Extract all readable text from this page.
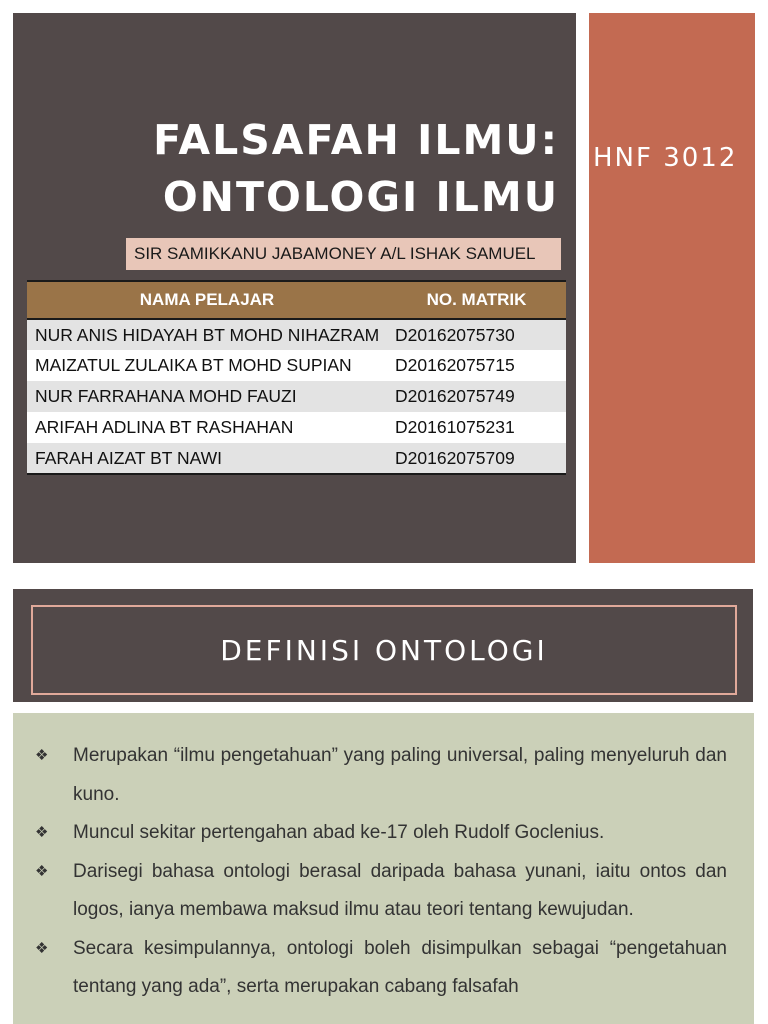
FALSAFAH ILMU:
ONTOLOGI ILMU
SIR SAMIKKANU JABAMONEY A/L ISHAK SAMUEL
NAMA PELAJAR	NO. MATRIK
NUR ANIS HIDAYAH BT MOHD NIHAZRAM	D20162075730
MAIZATUL ZULAIKA BT MOHD SUPIAN	D20162075715
NUR FARRAHANA MOHD FAUZI	D20162075749
ARIFAH ADLINA BT RASHAHAN	D20161075231
FARAH AIZAT BT NAWI	D20162075709
HNF 3012
DEFINISI ONTOLOGI
❖ Merupakan “ilmu pengetahuan” yang paling universal, paling menyeluruh dan kuno.
❖ Muncul sekitar pertengahan abad ke-17 oleh Rudolf Goclenius.
❖ Darisegi bahasa ontologi berasal daripada bahasa yunani, iaitu ontos dan logos, ianya membawa maksud ilmu atau teori tentang kewujudan.
❖ Secara kesimpulannya, ontologi boleh disimpulkan sebagai “pengetahuan tentang yang ada”, serta merupakan cabang falsafah
